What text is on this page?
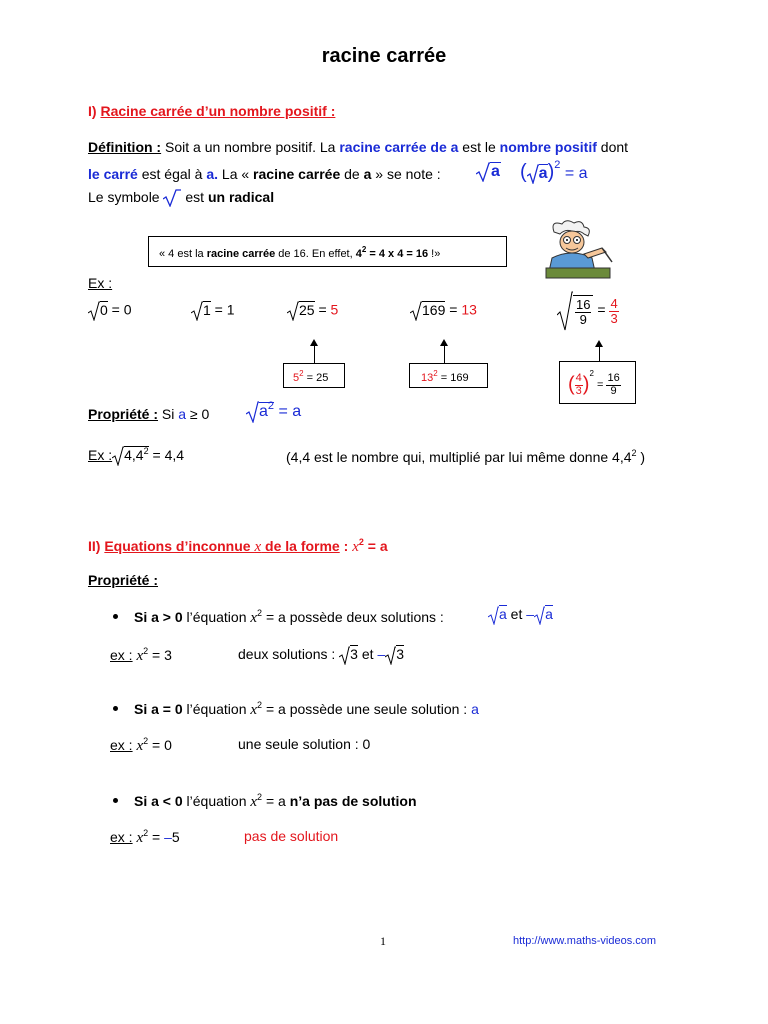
racine carrée
I) Racine carrée d’un nombre positif :
Définition : Soit a un nombre positif. La racine carrée de a est le nombre positif dont
le carré est égal à a. La « racine carrée de a » se note :	a ( a)$^2$ = a
Le symbole  est un radical
« 4 est la racine carrée de 16. En effet, $4^2 = 4$ x 4 = 16 !»
Ex :
0 = 0	1 = 1	25 = 5	169 = 13	$\frac{16}{9} = \frac{4}{3}$
$5^2 = 25$	$13^2 = 169$	( $\frac{4}{3} )^2 = \frac{16}{9}$
Propriété : Si a ≥ 0	$a^2 = a$
Ex : $4,4^2 = 4,4$	(4,4 est le nombre qui, multiplié par lui même donne $4,4^2$ )
II) Equations d’inconnue x de la forme : $x^2 = a$
Propriété :
Si a > 0 l’équation $x^2 = a$ possède deux solutions :	a et – a
ex : $x^2 = 3$	deux solutions : 3 et – 3
Si a = 0 l’équation $x^2 = a$ possède une seule solution : a
ex : $x^2 = 0$	une seule solution : 0
Si a < 0 l’équation $x^2 = a$ n’a pas de solution
ex : $x^2 = -5$	pas de solution
1	http://www.maths-videos.com
